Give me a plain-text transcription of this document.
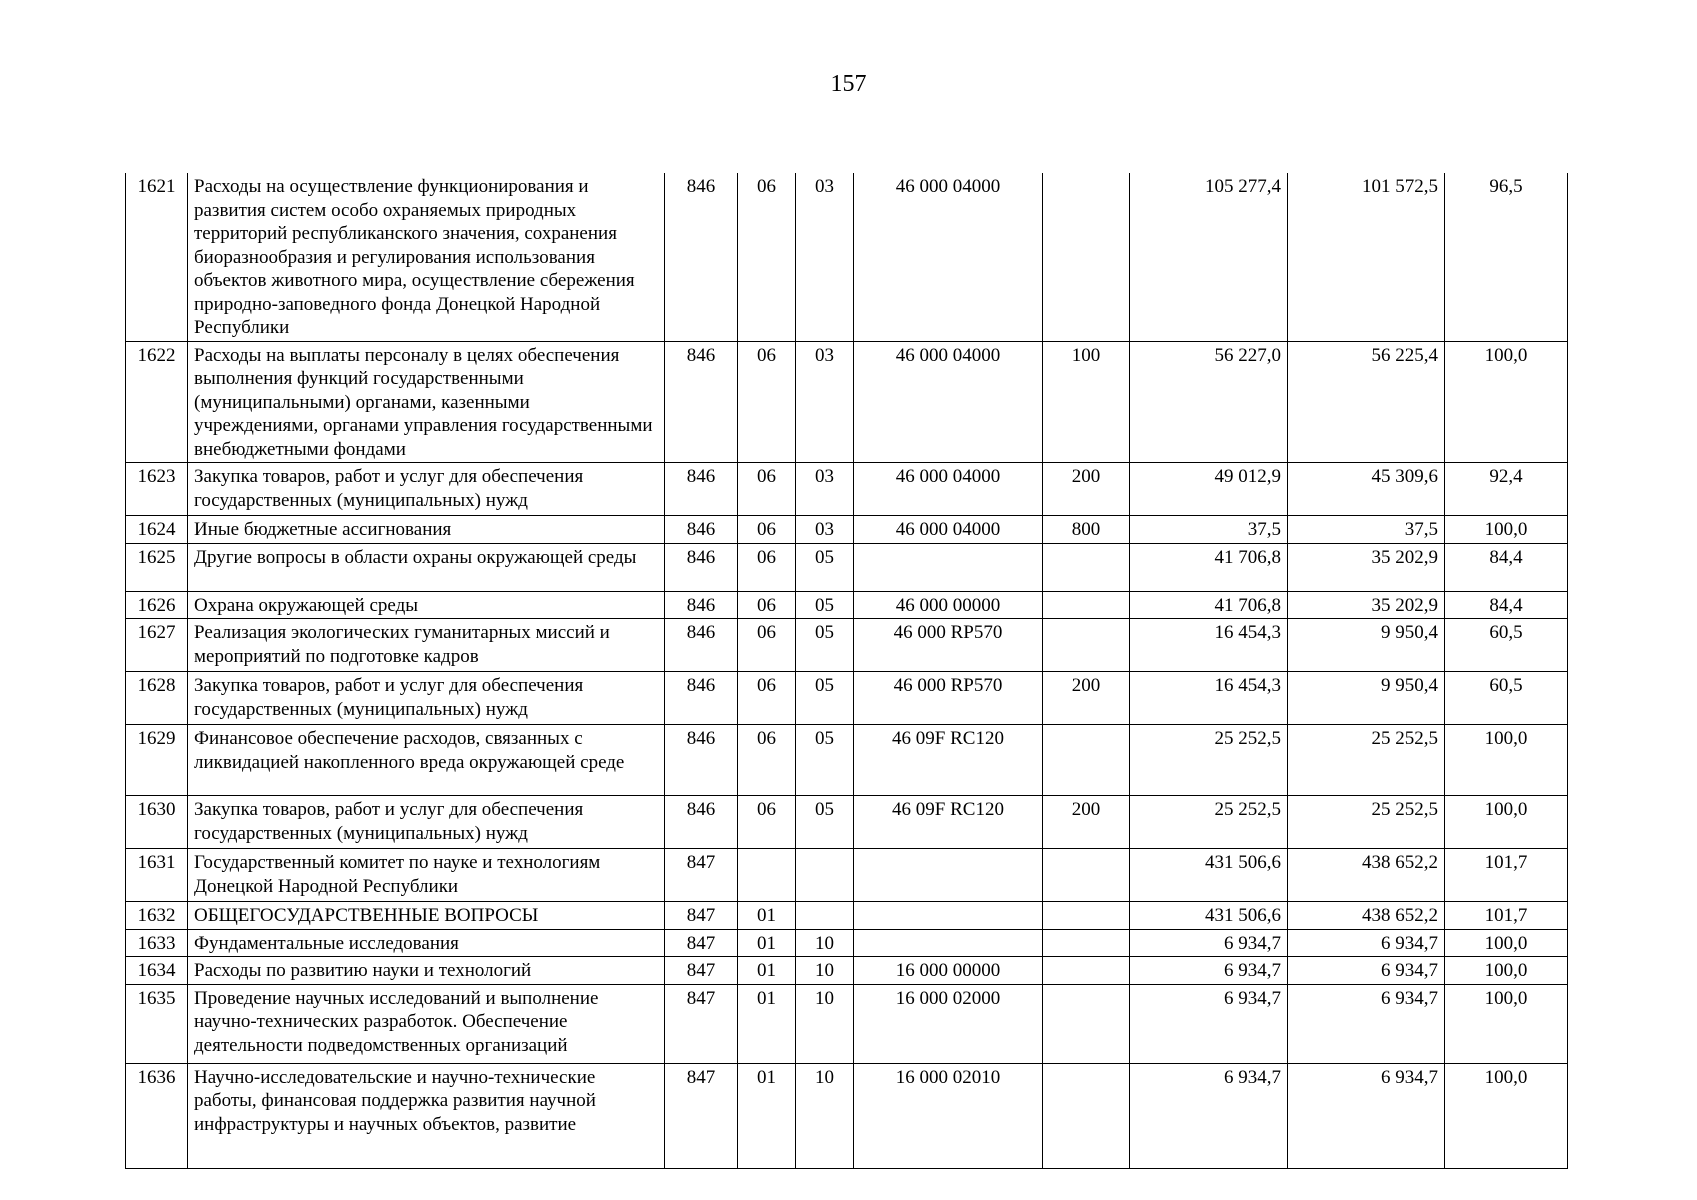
157
1621	Расходы на осуществление функционирования и развития систем особо охраняемых природных территорий республиканского значения, сохранения биоразнообразия и регулирования использования объектов животного мира, осуществление сбережения природно-заповедного фонда Донецкой Народной Республики	846	06	03	46 000 04000		105 277,4	101 572,5	96,5
1622	Расходы на выплаты персоналу в целях обеспечения выполнения функций государственными (муниципальными) органами, казенными учреждениями, органами управления государственными внебюджетными фондами	846	06	03	46 000 04000	100	56 227,0	56 225,4	100,0
1623	Закупка товаров, работ и услуг для обеспечения государственных (муниципальных) нужд	846	06	03	46 000 04000	200	49 012,9	45 309,6	92,4
1624	Иные бюджетные ассигнования	846	06	03	46 000 04000	800	37,5	37,5	100,0
1625	Другие вопросы в области охраны окружающей среды	846	06	05			41 706,8	35 202,9	84,4
1626	Охрана окружающей среды	846	06	05	46 000 00000		41 706,8	35 202,9	84,4
1627	Реализация экологических гуманитарных миссий и мероприятий по подготовке кадров	846	06	05	46 000 RP570		16 454,3	9 950,4	60,5
1628	Закупка товаров, работ и услуг для обеспечения государственных (муниципальных) нужд	846	06	05	46 000 RP570	200	16 454,3	9 950,4	60,5
1629	Финансовое обеспечение расходов, связанных с ликвидацией накопленного вреда окружающей среде	846	06	05	46 09F RC120		25 252,5	25 252,5	100,0
1630	Закупка товаров, работ и услуг для обеспечения государственных (муниципальных) нужд	846	06	05	46 09F RC120	200	25 252,5	25 252,5	100,0
1631	Государственный комитет по науке и технологиям Донецкой Народной Республики	847					431 506,6	438 652,2	101,7
1632	ОБЩЕГОСУДАРСТВЕННЫЕ ВОПРОСЫ	847	01				431 506,6	438 652,2	101,7
1633	Фундаментальные исследования	847	01	10			6 934,7	6 934,7	100,0
1634	Расходы по развитию науки и технологий	847	01	10	16 000 00000		6 934,7	6 934,7	100,0
1635	Проведение научных исследований и выполнение научно-технических разработок. Обеспечение деятельности подведомственных организаций	847	01	10	16 000 02000		6 934,7	6 934,7	100,0
1636	Научно-исследовательские и научно-технические работы, финансовая поддержка развития научной инфраструктуры и научных объектов, развитие	847	01	10	16 000 02010		6 934,7	6 934,7	100,0
